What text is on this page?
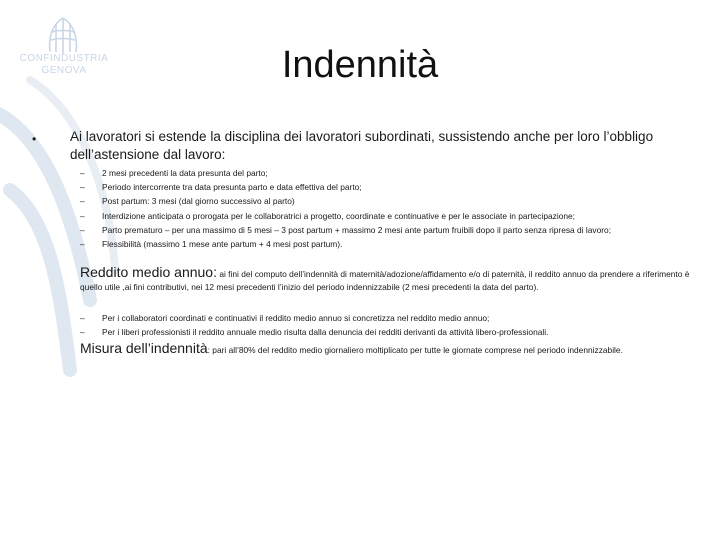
CONFINDUSTRIA
GENOVA	Indennità
•	Ai lavoratori si estende la disciplina dei lavoratori subordinati, sussistendo anche per loro l’obbligo dell’astensione dal lavoro:
– 2 mesi precedenti la data presunta del parto;
– Periodo intercorrente tra data presunta parto e data effettiva del parto;
– Post partum: 3 mesi (dal giorno successivo al parto)
– Interdizione anticipata o prorogata per le collaboratrici a progetto, coordinate e continuative e per le associate in partecipazione;
– Parto prematuro – per una massimo di 5 mesi – 3 post partum + massimo 2 mesi ante partum fruibili dopo il parto senza ripresa di lavoro;
– Flessibilità (massimo 1 mese ante partum + 4 mesi post partum).
Reddito medio annuo: ai fini del computo dell’indennità di maternità/adozione/affidamento e/o di paternità, il reddito annuo da prendere a riferimento è quello utile ,ai fini contributivi, nei 12 mesi precedenti l’inizio del periodo indennizzabile (2 mesi precedenti la data del parto).
– Per i collaboratori coordinati e continuativi il reddito medio annuo si concretizza nel reddito medio annuo;
– Per i liberi professionisti il reddito annuale medio risulta dalla denuncia dei redditi derivanti da attività libero-professionali.
Misura dell’indennità: pari all’80% del reddito medio giornaliero moltiplicato per tutte le giornate comprese nel periodo indennizzabile.
